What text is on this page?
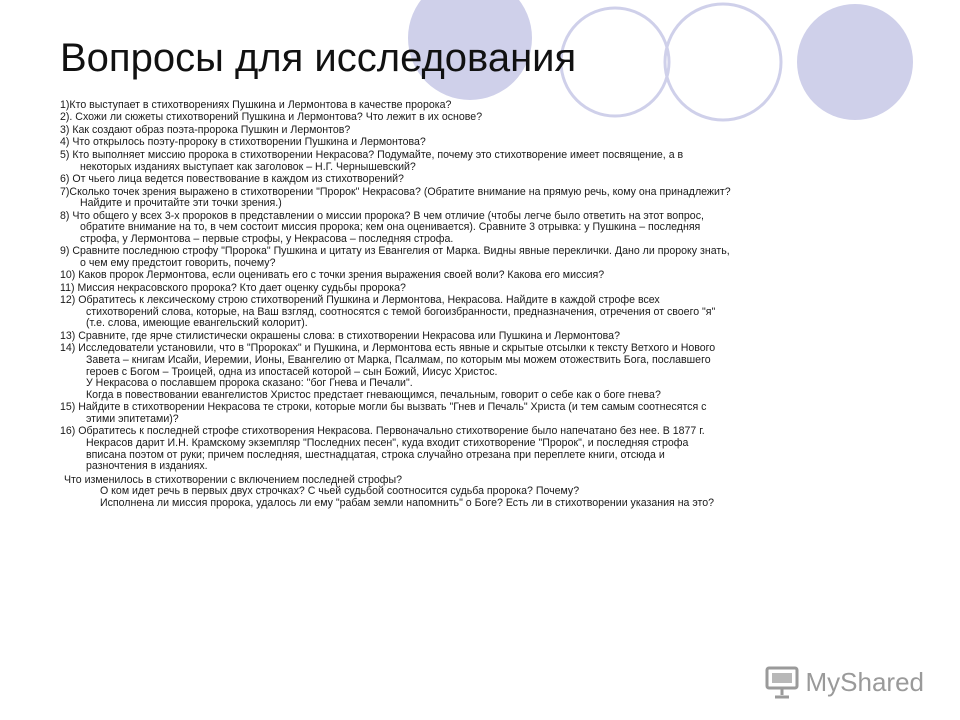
Вопросы для исследования

1)Кто выступает в стихотворениях Пушкина и Лермонтова в качестве пророка?

2). Схожи ли сюжеты стихотворений Пушкина и Лермонтова? Что лежит в их основе?

3) Как создают образ поэта-пророка Пушкин и Лермонтов?

4) Что открылось поэту-пророку в стихотворении Пушкина и Лермонтова?

5) Кто выполняет миссию пророка в стихотворении Некрасова? Подумайте, почему это стихотворение имеет посвящение, а в
некоторых изданиях выступает как заголовок – Н.Г. Чернышевский?

6) От чьего лица ведется повествование в каждом из стихотворений?

7)Сколько точек зрения выражено в стихотворении "Пророк" Некрасова? (Обратите внимание на прямую речь, кому она принадлежит?
Найдите и прочитайте эти точки зрения.)

8) Что общего у всех 3-х пророков в представлении о миссии пророка? В чем отличие (чтобы легче было ответить на этот вопрос,
обратите внимание на то, в чем состоит миссия пророка; кем она оценивается). Сравните 3 отрывка: у Пушкина – последняя
строфа, у Лермонтова – первые строфы, у Некрасова – последняя строфа.

9) Сравните последнюю строфу "Пророка" Пушкина и цитату из Евангелия от Марка. Видны явные переклички. Дано ли пророку знать,
о чем ему предстоит говорить, почему?

10) Каков пророк Лермонтова, если оценивать его с точки зрения выражения своей воли? Какова его миссия?

11) Миссия некрасовского пророка? Кто дает оценку судьбы пророка?

12) Обратитесь к лексическому строю стихотворений Пушкина и Лермонтова, Некрасова. Найдите в каждой строфе всех
стихотворений слова, которые, на Ваш взгляд, соотносятся с темой богоизбранности, предназначения, отречения от своего "я"
(т.е. слова, имеющие евангельский колорит).

13) Сравните, где ярче стилистически окрашены слова: в стихотворении Некрасова или Пушкина и Лермонтова?

14) Исследователи установили, что в "Пророках" и Пушкина, и Лермонтова есть явные и скрытые отсылки к тексту Ветхого и Нового
Завета – книгам Исайи, Иеремии, Ионы, Евангелию от Марка, Псалмам, по которым мы можем отожествить Бога, пославшего
героев с Богом – Троицей, одна из ипостасей которой – сын Божий, Иисус Христос.
У Некрасова о пославшем пророка сказано: "бог Гнева и Печали".
Когда в повествовании евангелистов Христос предстает гневающимся, печальным, говорит о себе как о боге гнева?

15) Найдите в стихотворении Некрасова те строки, которые могли бы вызвать "Гнев и Печаль" Христа (и тем самым соотнесятся с
этими эпитетами)?

16) Обратитесь к последней строфе стихотворения Некрасова. Первоначально стихотворение было напечатано без нее. В 1877 г.
Некрасов дарит И.Н. Крамскому экземпляр "Последних песен", куда входит стихотворение "Пророк", и последняя строфа
вписана поэтом от руки; причем последняя, шестнадцатая, строка случайно отрезана при переплете книги, отсюда и
разночтения в изданиях.

Что изменилось в стихотворении с включением последней строфы?

О ком идет речь в первых двух строчках? С чьей судьбой соотносится судьба пророка? Почему?
Исполнена ли миссия пророка, удалось ли ему "рабам земли напомнить" о Боге? Есть ли в стихотворении указания на это?

MyShared
